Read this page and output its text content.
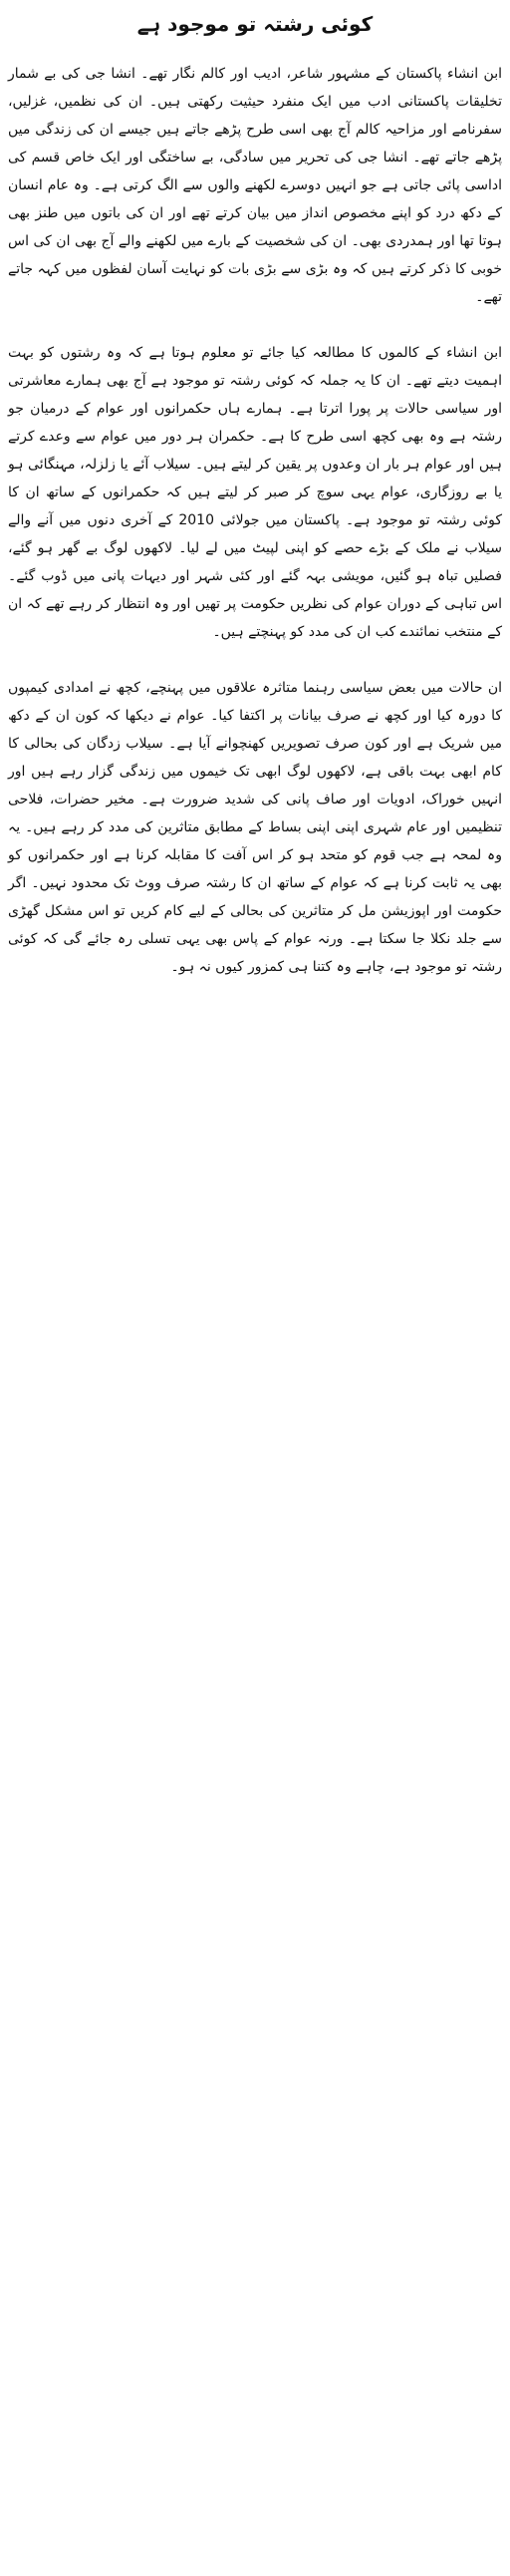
کوئی رشتہ تو موجود ہے

ابن انشاء پاکستان کے مشہور شاعر، ادیب اور کالم نگار تھے۔ انشا جی کی بے شمار تخلیقات پاکستانی ادب میں ایک منفرد حیثیت رکھتی ہیں۔ ان کی نظمیں، غزلیں، سفرنامے اور مزاحیہ کالم آج بھی اسی طرح پڑھے جاتے ہیں جیسے ان کی زندگی میں پڑھے جاتے تھے۔ انشا جی کی تحریر میں سادگی، بے ساختگی اور ایک خاص قسم کی اداسی پائی جاتی ہے جو انہیں دوسرے لکھنے والوں سے الگ کرتی ہے۔ وہ عام انسان کے دکھ درد کو اپنے مخصوص انداز میں بیان کرتے تھے اور ان کی باتوں میں طنز بھی ہوتا تھا اور ہمدردی بھی۔ ان کی شخصیت کے بارے میں لکھنے والے آج بھی ان کی اس خوبی کا ذکر کرتے ہیں کہ وہ بڑی سے بڑی بات کو نہایت آسان لفظوں میں کہہ جاتے تھے۔

ابن انشاء کے کالموں کا مطالعہ کیا جائے تو معلوم ہوتا ہے کہ وہ رشتوں کو بہت اہمیت دیتے تھے۔ ان کا یہ جملہ کہ کوئی رشتہ تو موجود ہے آج بھی ہمارے معاشرتی اور سیاسی حالات پر پورا اترتا ہے۔ ہمارے ہاں حکمرانوں اور عوام کے درمیان جو رشتہ ہے وہ بھی کچھ اسی طرح کا ہے۔ حکمران ہر دور میں عوام سے وعدے کرتے ہیں اور عوام ہر بار ان وعدوں پر یقین کر لیتے ہیں۔ سیلاب آئے یا زلزلہ، مہنگائی ہو یا بے روزگاری، عوام یہی سوچ کر صبر کر لیتے ہیں کہ حکمرانوں کے ساتھ ان کا کوئی رشتہ تو موجود ہے۔ پاکستان میں جولائی 2010 کے آخری دنوں میں آنے والے سیلاب نے ملک کے بڑے حصے کو اپنی لپیٹ میں لے لیا۔ لاکھوں لوگ بے گھر ہو گئے، فصلیں تباہ ہو گئیں، مویشی بہہ گئے اور کئی شہر اور دیہات پانی میں ڈوب گئے۔ اس تباہی کے دوران عوام کی نظریں حکومت پر تھیں اور وہ انتظار کر رہے تھے کہ ان کے منتخب نمائندے کب ان کی مدد کو پہنچتے ہیں۔

ان حالات میں بعض سیاسی رہنما متاثرہ علاقوں میں پہنچے، کچھ نے امدادی کیمپوں کا دورہ کیا اور کچھ نے صرف بیانات پر اکتفا کیا۔ عوام نے دیکھا کہ کون ان کے دکھ میں شریک ہے اور کون صرف تصویریں کھنچوانے آیا ہے۔ سیلاب زدگان کی بحالی کا کام ابھی بہت باقی ہے، لاکھوں لوگ ابھی تک خیموں میں زندگی گزار رہے ہیں اور انہیں خوراک، ادویات اور صاف پانی کی شدید ضرورت ہے۔ مخیر حضرات، فلاحی تنظیمیں اور عام شہری اپنی اپنی بساط کے مطابق متاثرین کی مدد کر رہے ہیں۔ یہ وہ لمحہ ہے جب قوم کو متحد ہو کر اس آفت کا مقابلہ کرنا ہے اور حکمرانوں کو بھی یہ ثابت کرنا ہے کہ عوام کے ساتھ ان کا رشتہ صرف ووٹ تک محدود نہیں۔ اگر حکومت اور اپوزیشن مل کر متاثرین کی بحالی کے لیے کام کریں تو اس مشکل گھڑی سے جلد نکلا جا سکتا ہے۔ ورنہ عوام کے پاس بھی یہی تسلی رہ جائے گی کہ کوئی رشتہ تو موجود ہے، چاہے وہ کتنا ہی کمزور کیوں نہ ہو۔
